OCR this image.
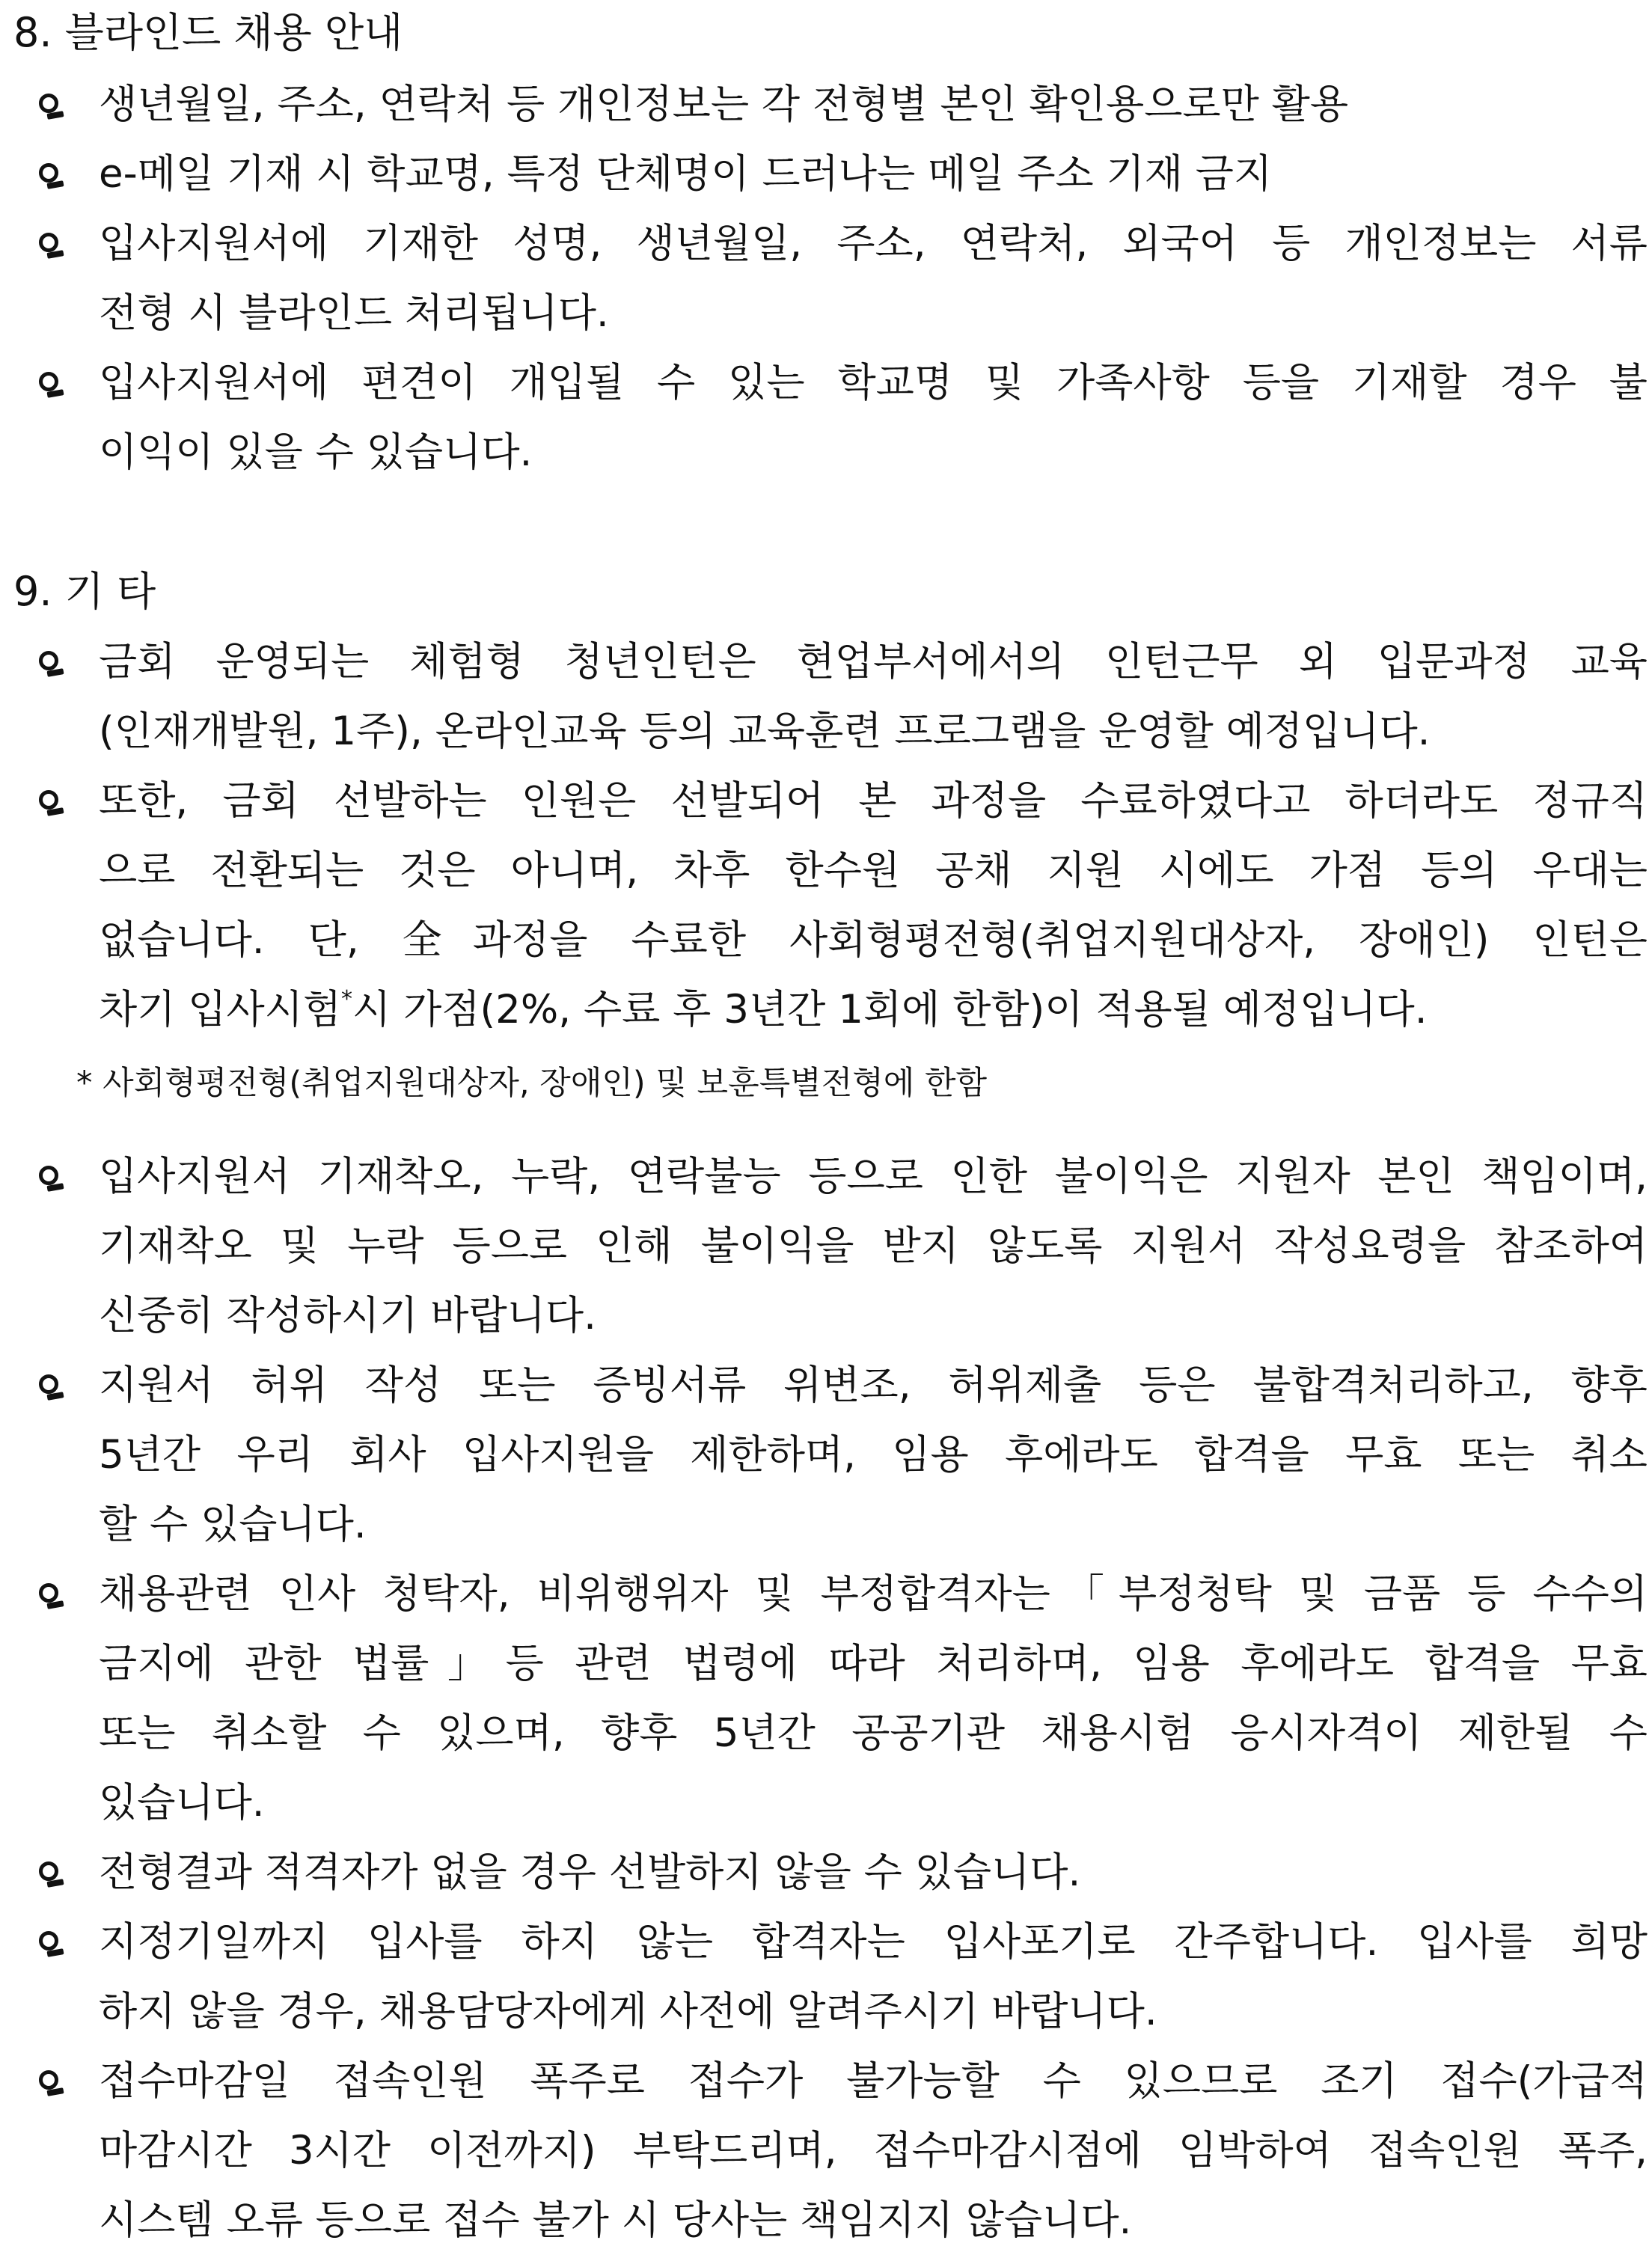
8. 블라인드 채용 안내
생년월일, 주소, 연락처 등 개인정보는 각 전형별 본인 확인용으로만 활용
e-메일 기재 시 학교명, 특정 단체명이 드러나는 메일 주소 기재 금지
입사지원서에 기재한 성명, 생년월일, 주소, 연락처, 외국어 등 개인정보는 서류
전형 시 블라인드 처리됩니다.
입사지원서에 편견이 개입될 수 있는 학교명 및 가족사항 등을 기재할 경우 불
이익이 있을 수 있습니다.
9. 기 타
금회 운영되는 체험형 청년인턴은 현업부서에서의 인턴근무 외 입문과정 교육
(인재개발원, 1주), 온라인교육 등의 교육훈련 프로그램을 운영할 예정입니다.
또한, 금회 선발하는 인원은 선발되어 본 과정을 수료하였다고 하더라도 정규직
으로 전환되는 것은 아니며, 차후 한수원 공채 지원 시에도 가점 등의 우대는
없습니다. 단, 全과정을 수료한 사회형평전형(취업지원대상자, 장애인) 인턴은
차기 입사시험*시 가점(2%, 수료 후 3년간 1회에 한함)이 적용될 예정입니다.
* 사회형평전형(취업지원대상자, 장애인) 및 보훈특별전형에 한함
입사지원서 기재착오, 누락, 연락불능 등으로 인한 불이익은 지원자 본인 책임이며,
기재착오 및 누락 등으로 인해 불이익을 받지 않도록 지원서 작성요령을 참조하여
신중히 작성하시기 바랍니다.
지원서 허위 작성 또는 증빙서류 위변조, 허위제출 등은 불합격처리하고, 향후
5년간 우리 회사 입사지원을 제한하며, 임용 후에라도 합격을 무효 또는 취소
할 수 있습니다.
채용관련 인사 청탁자, 비위행위자 및 부정합격자는「부정청탁 및 금품 등 수수의
금지에 관한 법률」등 관련 법령에 따라 처리하며, 임용 후에라도 합격을 무효
또는 취소할 수 있으며, 향후 5년간 공공기관 채용시험 응시자격이 제한될 수
있습니다.
전형결과 적격자가 없을 경우 선발하지 않을 수 있습니다.
지정기일까지 입사를 하지 않는 합격자는 입사포기로 간주합니다. 입사를 희망
하지 않을 경우, 채용담당자에게 사전에 알려주시기 바랍니다.
접수마감일 접속인원 폭주로 접수가 불가능할 수 있으므로 조기 접수(가급적
마감시간 3시간 이전까지) 부탁드리며, 접수마감시점에 임박하여 접속인원 폭주,
시스템 오류 등으로 접수 불가 시 당사는 책임지지 않습니다.
